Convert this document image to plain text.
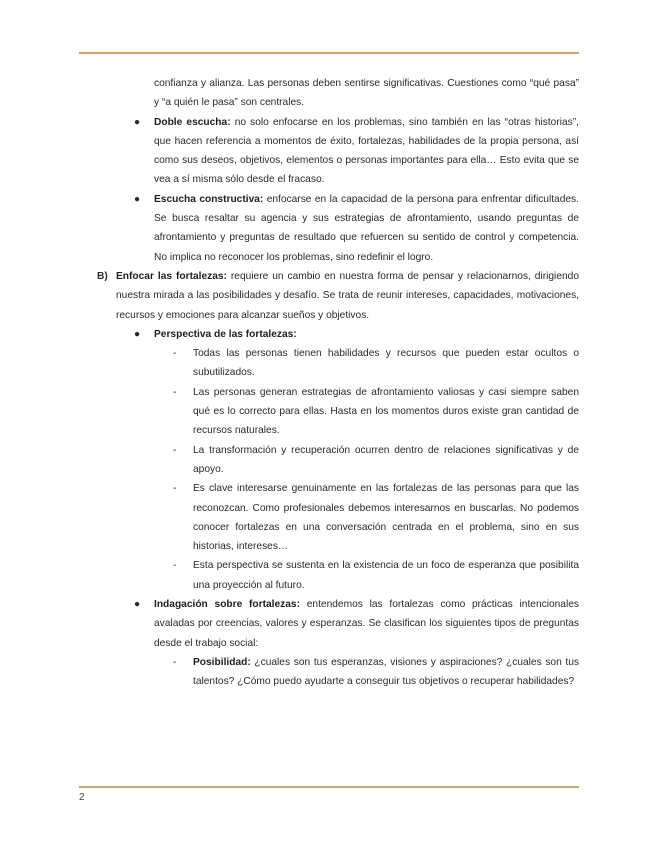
confianza y alianza. Las personas deben sentirse significativas. Cuestiones como “qué pasa” y “a quién le pasa” son centrales.
● Doble escucha: no solo enfocarse en los problemas, sino también en las “otras historias”, que hacen referencia a momentos de éxito, fortalezas, habilidades de la propia persona, así como sus deseos, objetivos, elementos o personas importantes para ella… Esto evita que se vea a sí misma sólo desde el fracaso.
● Escucha constructiva: enfocarse en la capacidad de la persona para enfrentar dificultades. Se busca resaltar su agencia y sus estrategias de afrontamiento, usando preguntas de afrontamiento y preguntas de resultado que refuercen su sentido de control y competencia. No implica no reconocer los problemas, sino redefinir el logro.
B) Enfocar las fortalezas: requiere un cambio en nuestra forma de pensar y relacionarnos, dirigiendo nuestra mirada a las posibilidades y desafío. Se trata de reunir intereses, capacidades, motivaciones, recursos y emociones para alcanzar sueños y objetivos.
● Perspectiva de las fortalezas:
- Todas las personas tienen habilidades y recursos que pueden estar ocultos o subutilizados.
- Las personas generan estrategias de afrontamiento valiosas y casi siempre saben qué es lo correcto para ellas. Hasta en los momentos duros existe gran cantidad de recursos naturales.
- La transformación y recuperación ocurren dentro de relaciones significativas y de apoyo.
- Es clave interesarse genuinamente en las fortalezas de las personas para que las reconozcan. Como profesionales debemos interesarnos en buscarlas. No podemos conocer fortalezas en una conversación centrada en el problema, sino en sus historias, intereses…
- Esta perspectiva se sustenta en la existencia de un foco de esperanza que posibilita una proyección al futuro.
● Indagación sobre fortalezas: entendemos las fortalezas como prácticas intencionales avaladas por creencias, valores y esperanzas. Se clasifican los siguientes tipos de preguntas desde el trabajo social:
- Posibilidad: ¿cuales son tus esperanzas, visiones y aspiraciones? ¿cuales son tus talentos? ¿Cómo puedo ayudarte a conseguir tus objetivos o recuperar habilidades?
2
